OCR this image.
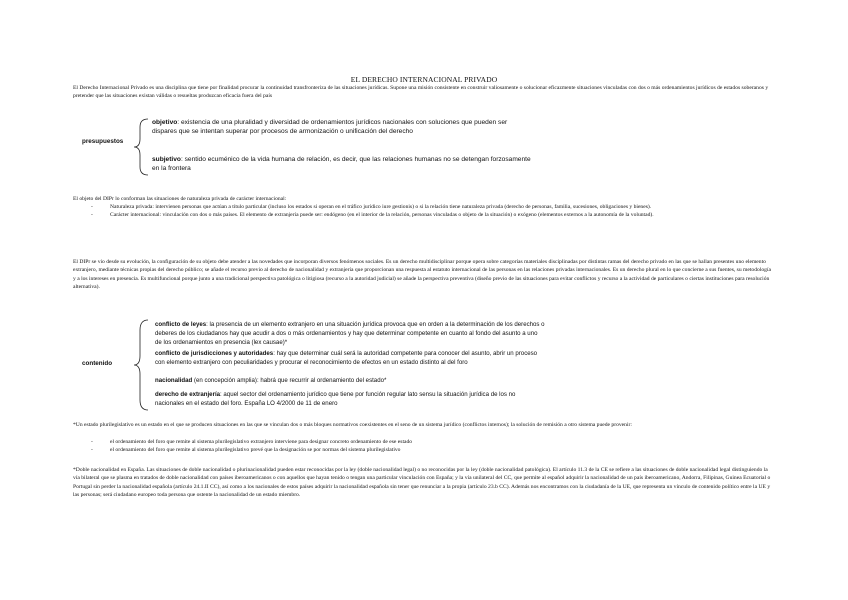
EL DERECHO INTERNACIONAL PRIVADO

El Derecho Internacional Privado es una disciplina que tiene por finalidad procurar la continuidad transfronteriza de las situaciones jurídicas. Supone una misión consistente en construir valiosamente o solucionar eficazmente situaciones vinculadas con dos o más ordenamientos jurídicos de estados soberanos y pretender que las situaciones existan válidas o resueltas produzcan eficacia fuera del país

presupuestos

objetivo: existencia de una pluralidad y diversidad de ordenamientos jurídicos nacionales con soluciones que pueden ser dispares que se intentan superar por procesos de armonización o unificación del derecho

subjetivo: sentido ecuménico de la vida humana de relación, es decir, que las relaciones humanas no se detengan forzosamente en la frontera

El objeto del DIPr lo conforman las situaciones de naturaleza privada de carácter internacional:

-	Naturaleza privada: intervienen personas que actúan a título particular (incluso los estados si operan en el tráfico jurídico iure gestionis) o si la relación tiene naturaleza privada (derecho de personas, familia, sucesiones, obligaciones y bienes).
-	Carácter internacional: vinculación con dos o más países. El elemento de extranjería puede ser: endógeno (en el interior de la relación, personas vinculadas o objeto de la situación) o exógeno (elementos externos a la autonomía de la voluntad).

El DIPr se vio desde su evolución, la configuración de su objeto debe atender a las novedades que incorporan diversos fenómenos sociales. Es un derecho multidisciplinar porque opera sobre categorías materiales disciplinadas por distintas ramas del derecho privado en las que se hallan presentes uno elemento extranjero, mediante técnicas propias del derecho público; se añade el recurso previo al derecho de nacionalidad y extranjería que proporcionan una respuesta al estatuto internacional de las personas en las relaciones privadas internacionales. Es un derecho plural en lo que concierne a sus fuentes, su metodología y a los intereses en presencia. Es multifuncional porque junto a una tradicional perspectiva patológica o litigiosa (recurso a la autoridad judicial) se añade la perspectiva preventiva (diseño previo de las situaciones para evitar conflictos y recurso a la actividad de particulares o ciertas instituciones para resolución alternativa).

contenido

conflicto de leyes: la presencia de un elemento extranjero en una situación jurídica provoca que en orden a la determinación de los derechos o deberes de los ciudadanos hay que acudir a dos o más ordenamientos y hay que determinar competente en cuanto al fondo del asunto a uno de los ordenamientos en presencia (lex causae)*

conflicto de jurisdicciones y autoridades: hay que determinar cuál será la autoridad competente para conocer del asunto, abrir un proceso con elemento extranjero con peculiaridades y procurar el reconocimiento de efectos en un estado distinto al del foro

nacionalidad (en concepción amplia): habrá que recurrir al ordenamiento del estado*

derecho de extranjería: aquel sector del ordenamiento jurídico que tiene por función regular lato sensu la situación jurídica de los no nacionales en el estado del foro. España LO 4/2000 de 11 de enero

*Un estado plurilegislativo es un estado en el que se producen situaciones en las que se vinculan dos o más bloques normativos coexistentes en el seno de un sistema jurídico (conflictos internos); la solución de remisión a otro sistema puede provenir:

-	el ordenamiento del foro que remite al sistema plurilegislativo extranjero interviene para designar concreto ordenamiento de ese estado
-	el ordenamiento del foro que remite al sistema plurilegislativo prevé que la designación se por normas del sistema plurilegislativo

*Doble nacionalidad en España. Las situaciones de doble nacionalidad o plurinacionalidad pueden estar reconocidas por la ley (doble nacionalidad legal) o no reconocidas por la ley (doble nacionalidad patológica). El artículo 11.3 de la CE se refiere a las situaciones de doble nacionalidad legal distinguiendo la vía bilateral que se plasma en tratados de doble nacionalidad con países iberoamericanos o con aquellos que hayan tenido o tengan una particular vinculación con España; y la vía unilateral del CC, que permite al español adquirir la nacionalidad de un país iberoamericano, Andorra, Filipinas, Guinea Ecuatorial o Portugal sin perder la nacionalidad española (artículo 24.1.II CC), así como a los nacionales de estos países adquirir la nacionalidad española sin tener que renunciar a la propia (artículo 23.b CC). Además nos encontramos con la ciudadanía de la UE, que representa un vínculo de contenido político entre la UE y las personas; será ciudadano europeo toda persona que ostente la nacionalidad de un estado miembro.
